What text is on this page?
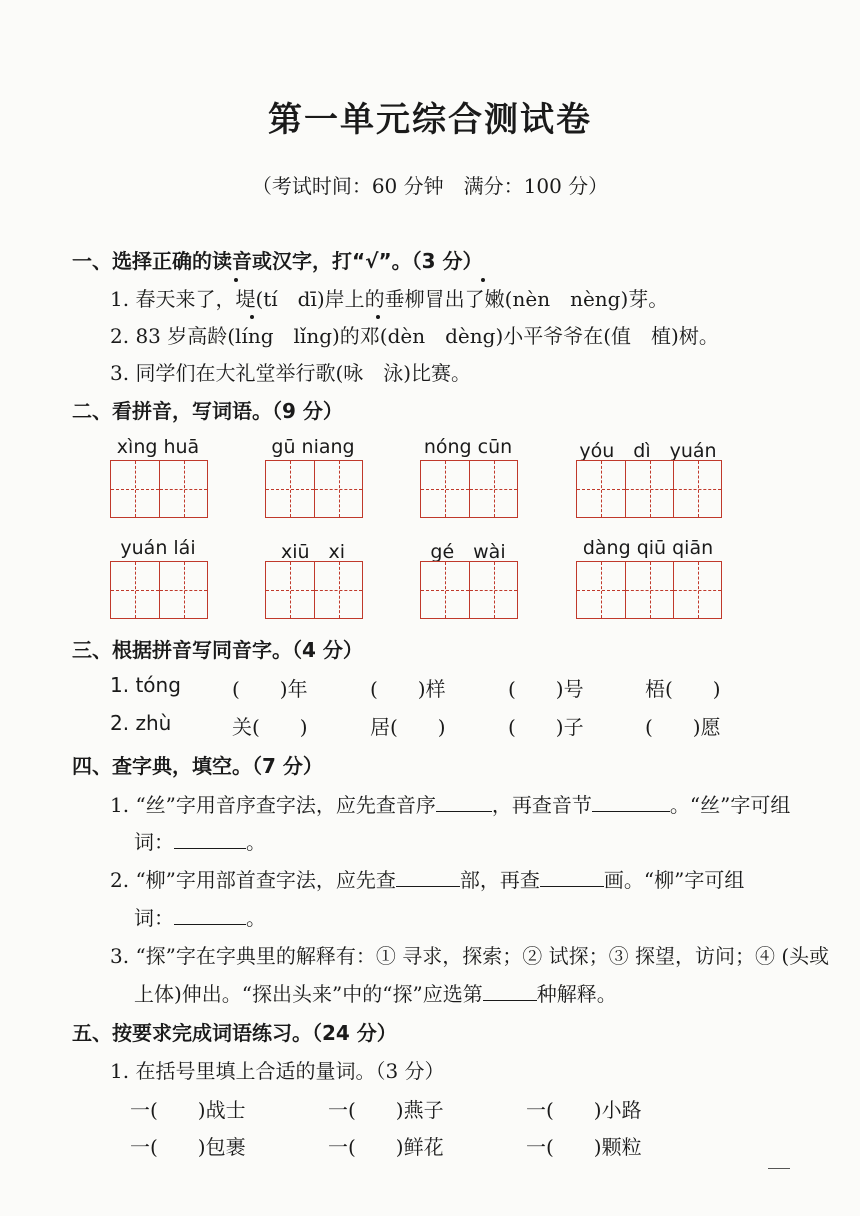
第一单元综合测试卷
（考试时间：60 分钟　满分：100 分）
一、选择正确的读音或汉字，打“√”。（3 分）
1. 春天来了，堤(tí　dī)岸上的垂柳冒出了嫩(nèn　nèng)芽。
2. 83 岁高龄(líng　lǐng)的邓(dèn　dèng)小平爷爷在(值　植)树。
3. 同学们在大礼堂举行歌(咏　泳)比赛。
二、看拼音，写词语。（9 分）
xìng huā	gū niang	nóng cūn	yóu　dì　yuán
yuán lái	xiū　xi	gé　wài	dàng qiū qiān
三、根据拼音写同音字。（4 分）
1. tóng	(　　)年	(　　)样	(　　)号	梧(　　)
2. zhù	关(　　)	居(　　)	(　　)子	(　　)愿
四、查字典，填空。（7 分）
1. “丝”字用音序查字法，应先查音序	，再查音节	。“丝”字可组
词：	。
2. “柳”字用部首查字法，应先查	部，再查	画。“柳”字可组
词：	。
3. “探”字在字典里的解释有：① 寻求，探索；② 试探；③ 探望，访问；④ (头或
上体)伸出。“探出头来”中的“探”应选第	种解释。
五、按要求完成词语练习。（24 分）
1. 在括号里填上合适的量词。（3 分）
一(　　)战士	一(　　)燕子	一(　　)小路
一(　　)包裹	一(　　)鲜花	一(　　)颗粒
